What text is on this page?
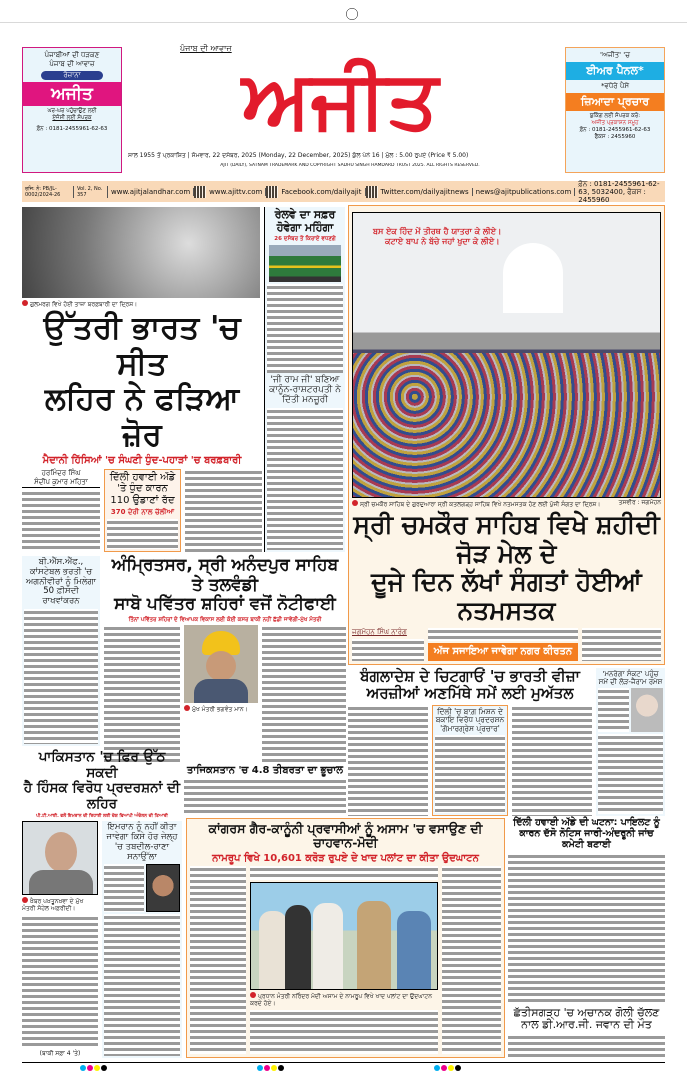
ਪੰਜਾਬੀਆਂ ਦੀ ਧੜਕਣ
ਪੰਜਾਬ ਦੀ ਆਵਾਜ਼
ਰੋਜ਼ਾਨਾ
ਅਜੀਤ
ਘਰ-ਘਰ ਪਹੁੰਚਾਉਣ ਲਈ
ਏਜੰਸੀ ਲਈ ਸੰਪਰਕ
ਫ਼ੋਨ : 0181-2455961-62-63
ਪੰਜਾਬ ਦੀ ਆਵਾਜ਼
ਅਜੀਤ
ਸਾਲ 1955 ਤੋਂ ਪ੍ਰਕਾਸ਼ਿਤ | ਸੋਮਵਾਰ, 22 ਦਸੰਬਰ, 2025 (Monday, 22 December, 2025) ਕੁੱਲ ਪੰਨੇ 16 | ਮੁੱਲ : 5.00 ਰੁਪਏ (Price ₹ 5.00)
AJIT (DAILY), SATNAM TRADEMARK AND COPYRIGHT SADHU SINGH HAMDARD TRUST 2025. ALL RIGHTS RESERVED.
'ਅਜੀਤ' 'ਚ
ਈਅਰ ਪੈਨਲ*
*ਵਧੇਰੇ ਪੈਸੇ
ਜ਼ਿਆਦਾ ਪ੍ਰਚਾਰ
ਬੁਕਿੰਗ ਲਈ ਸੰਪਰਕ ਕਰੋ:
ਅਜੀਤ ਪ੍ਰਕਾਸ਼ਨ ਸਮੂਹ
ਫ਼ੋਨ : 0181-2455961-62-63
ਫੈਕਸ : 2455960
ਰਜਿ: ਨੰ: PB/JL-0002/2024-26
Vol. 2, No. 357	www.ajitjalandhar.com	www.ajittv.com	Facebook.com/dailyajit	Twitter.com/dailyajitnews	news@ajitpublications.com
ਫ਼ੋਨ : 0181-2455961-62-63, 5032400, ਫੈਕਸ : 2455960
ਗੁਲਮਰਗ ਵਿਖੇ ਹੋਈ ਤਾਜ਼ਾ ਬਰਫ਼ਬਾਰੀ ਦਾ ਦ੍ਰਿਸ਼।
ਉੱਤਰੀ ਭਾਰਤ 'ਚ ਸੀਤ
ਲਹਿਰ ਨੇ ਫੜਿਆ ਜ਼ੋਰ
ਮੈਦਾਨੀ ਹਿੱਸਿਆਂ 'ਚ ਸੰਘਣੀ ਧੁੰਦ-ਪਹਾੜਾਂ 'ਚ ਬਰਫ਼ਬਾਰੀ
ਹਰਮਿੰਦਰ ਸਿੰਘ
ਸੰਦੀਪ ਕੁਮਾਰ ਮਹਿਤਾ	ਦਿੱਲੀ ਹਵਾਈ ਅੱਡੇ 'ਤੇ ਧੁੰਦ ਕਾਰਨ 110 ਉਡਾਣਾਂ ਰੱਦ
370 ਦੇਰੀ ਨਾਲ ਚੱਲੀਆਂ
ਰੇਲਵੇ ਦਾ ਸਫ਼ਰ ਹੋਵੇਗਾ ਮਹਿੰਗਾ
26 ਦਸੰਬਰ ਤੋਂ ਕਿਰਾਏ ਵਧਣਗੇ
'ਜੀ ਰਾਮ ਜੀ' ਬਣਿਆ ਕਾਨੂੰਨ-ਰਾਸ਼ਟਰਪਤੀ ਨੇ ਦਿੱਤੀ ਮਨਜ਼ੂਰੀ
ਬਸ ਏਕ ਹਿੰਦ ਮੇਂ ਤੀਰਥ ਹੈ ਯਾਤਰਾ ਕੇ ਲੀਏ।
ਕਟਾਏ ਬਾਪ ਨੇ ਬੱਚੇ ਜਹਾਂ ਖੁਦਾ ਕੇ ਲੀਏ।
ਸ੍ਰੀ ਚਮਕੌਰ ਸਾਹਿਬ ਦੇ ਗੁਰਦੁਆਰਾ ਸ੍ਰੀ ਕਤਲਗੜ੍ਹ ਸਾਹਿਬ ਵਿਖੇ ਨਤਮਸਤਕ ਹੋਣ ਲਈ ਪੁੱਜੀ ਸੰਗਤ ਦਾ ਦ੍ਰਿਸ਼।	ਤਸਵੀਰ : ਜਗਮੋਹਨ
ਸ੍ਰੀ ਚਮਕੌਰ ਸਾਹਿਬ ਵਿਖੇ ਸ਼ਹੀਦੀ ਜੋੜ ਮੇਲ ਦੇ
ਦੂਜੇ ਦਿਨ ਲੱਖਾਂ ਸੰਗਤਾਂ ਹੋਈਆਂ ਨਤਮਸਤਕ
ਜਗਮੋਹਨ ਸਿੰਘ ਨਾਰੰਗ
ਅੱਜ ਸਜਾਇਆ ਜਾਵੇਗਾ ਨਗਰ ਕੀਰਤਨ
ਬੀ.ਐੱਸ.ਐੱਫ., ਕਾਂਸਟੇਬਲ ਭਰਤੀ 'ਚ ਅਗਨੀਵੀਰਾਂ ਨੂੰ ਮਿਲੇਗਾ 50 ਫ਼ੀਸਦੀ ਰਾਖਵਾਂਕਰਨ
ਅੰਮ੍ਰਿਤਸਰ, ਸ੍ਰੀ ਅਨੰਦਪੁਰ ਸਾਹਿਬ ਤੇ ਤਲਵੰਡੀ
ਸਾਬੋ ਪਵਿੱਤਰ ਸ਼ਹਿਰਾਂ ਵਜੋਂ ਨੋਟੀਫਾਈ
ਤਿੰਨਾਂ ਪਵਿੱਤਰ ਸ਼ਹਿਰਾਂ ਦੇ ਵਿਆਪਕ ਵਿਕਾਸ ਲਈ ਕੋਈ ਕਸਰ ਬਾਕੀ ਨਹੀਂ ਛੱਡੀ ਜਾਵੇਗੀ-ਮੁੱਖ ਮੰਤਰੀ
ਮੁੱਖ ਮੰਤਰੀ ਭਗਵੰਤ ਮਾਨ।
ਤਾਜਿਕਸਤਾਨ 'ਚ 4.8 ਤੀਬਰਤਾ ਦਾ ਭੂਚਾਲ
ਬੰਗਲਾਦੇਸ਼ ਦੇ ਚਿਟਗਾਓਂ 'ਚ ਭਾਰਤੀ ਵੀਜ਼ਾ
ਅਰਜ਼ੀਆਂ ਅਣਮਿੱਥੇ ਸਮੇਂ ਲਈ ਮੁਅੱਤਲ
ਦਿੱਲੀ 'ਚ ਬਾਗ਼ ਮਿਸ਼ਨ ਦੇ ਬਕਾਇ ਵਿਰੋਧ ਪ੍ਰਦਰਸ਼ਨ 'ਗੋਮਾਰਗ੍ਰੇਸ ਪ੍ਰਚਾਰ'
'ਮਨਰੇਗਾ ਸੰਕਟ' ਪਹੁੰਚ ਸਮੇਂ ਦੀ ਲੋੜ-ਜੈਰਾਮ ਰਮੇਸ਼
ਪਾਕਿਸਤਾਨ 'ਚ ਫਿਰ ਉੱਠ ਸਕਦੀ
ਹੈ ਹਿੰਸਕ ਵਿਰੋਧ ਪ੍ਰਦਰਸ਼ਨਾਂ ਦੀ ਲਹਿਰ
ਪੀ.ਟੀ.ਆਈ. ਵਲੋਂ ਇਮਰਾਨ ਦੀ ਰਿਹਾਈ ਲਈ ਦੇਸ਼ ਵਿਆਪੀ ਅੰਦੋਲਨ ਦੀ ਤਿਆਰੀ
ਖ਼ੈਬਰ ਪਖ਼ਤੂਨਖ਼ਵਾ ਦੇ ਮੁੱਖ ਮੰਤਰੀ ਸੋਹੇਲ ਅਫ਼ਰੀਦੀ।
(ਬਾਕੀ ਸਫ਼ਾ 4 'ਤੇ)
ਇਮਰਾਨ ਨੂੰ ਨਹੀਂ ਕੀਤਾ ਜਾਵੇਗਾ ਕਿਸੇ ਹੋਰ ਜੇਲ੍ਹ 'ਚ ਤਬਦੀਲ-ਰਾਣਾ ਸਨਾਉੱਲਾ
ਕਾਂਗਰਸ ਗੈਰ-ਕਾਨੂੰਨੀ ਪ੍ਰਵਾਸੀਆਂ ਨੂੰ ਅਸਾਮ 'ਚ ਵਸਾਉਣ ਦੀ ਚਾਹਵਾਨ-ਮੋਦੀ
ਨਾਮਰੂਪ ਵਿਖੇ 10,601 ਕਰੋੜ ਰੁਪਏ ਦੇ ਖਾਦ ਪਲਾਂਟ ਦਾ ਕੀਤਾ ਉਦਘਾਟਨ
ਪ੍ਰਧਾਨ ਮੰਤਰੀ ਨਰਿੰਦਰ ਮੋਦੀ ਅਸਾਮ ਦੇ ਨਾਮਰੂਪ ਵਿਖੇ ਖਾਦ ਪਲਾਂਟ ਦਾ ਉਦਘਾਟਨ ਕਰਦੇ ਹੋਏ।
ਦਿੱਲੀ ਹਵਾਈ ਅੱਡੇ ਦੀ ਘਟਨਾ: ਪਾਇਲਟ ਨੂੰ ਕਾਰਨ ਦੱਸੋ ਨੋਟਿਸ ਜਾਰੀ-ਅੰਦਰੂਨੀ ਜਾਂਚ ਕਮੇਟੀ ਬਣਾਈ
ਛੱਤੀਸਗੜ੍ਹ 'ਚ ਅਚਾਨਕ ਗੋਲੀ ਚੱਲਣ ਨਾਲ ਡੀ.ਆਰ.ਜੀ. ਜਵਾਨ ਦੀ ਮੌਤ
